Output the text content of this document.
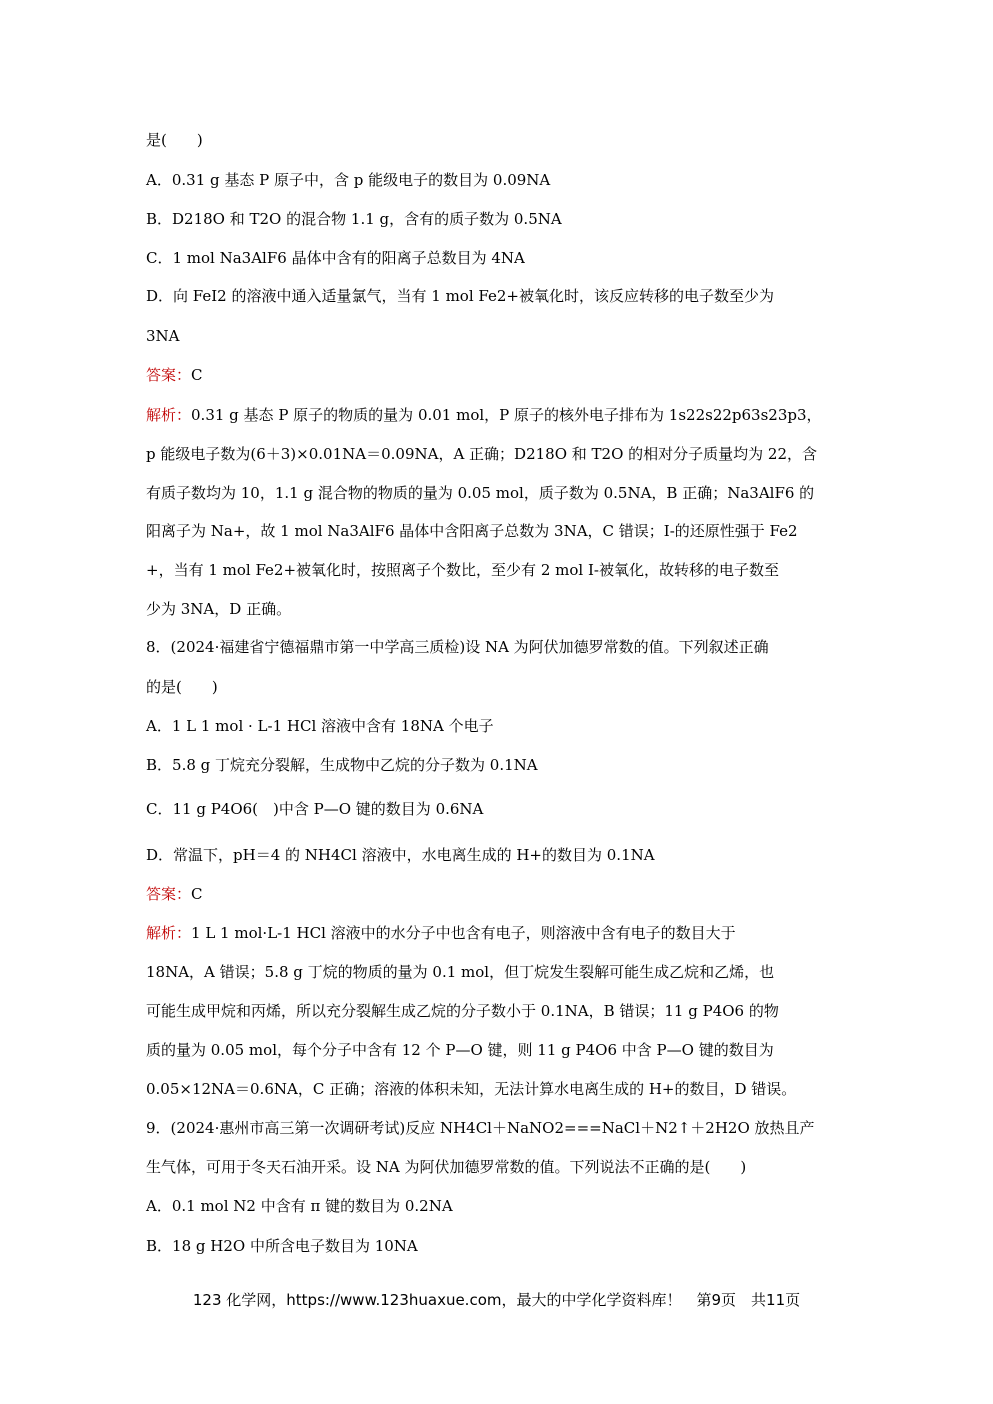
是(　　)
A．0.31 g 基态 P 原子中，含 p 能级电子的数目为 0.09NA
B．D218O 和 T2O 的混合物 1.1 g，含有的质子数为 0.5NA
C．1 mol Na3AlF6 晶体中含有的阳离子总数目为 4NA
D．向 FeI2 的溶液中通入适量氯气，当有 1 mol Fe2+被氧化时，该反应转移的电子数至少为
3NA
答案：C
解析：0.31 g 基态 P 原子的物质的量为 0.01 mol，P 原子的核外电子排布为 1s22s22p63s23p3，
p 能级电子数为(6＋3)×0.01NA＝0.09NA，A 正确；D218O 和 T2O 的相对分子质量均为 22，含
有质子数均为 10，1.1 g 混合物的物质的量为 0.05 mol，质子数为 0.5NA，B 正确；Na3AlF6 的
阳离子为 Na+，故 1 mol Na3AlF6 晶体中含阳离子总数为 3NA，C 错误；I-的还原性强于 Fe2
+，当有 1 mol Fe2+被氧化时，按照离子个数比，至少有 2 mol I-被氧化，故转移的电子数至
少为 3NA，D 正确。
8．(2024·福建省宁德福鼎市第一中学高三质检)设 NA 为阿伏加德罗常数的值。下列叙述正确
的是(　　)
A．1 L 1 mol · L-1 HCl 溶液中含有 18NA 个电子
B．5.8 g 丁烷充分裂解，生成物中乙烷的分子数为 0.1NA
C．11 g P4O6(　)中含 P—O 键的数目为 0.6NA
D．常温下，pH＝4 的 NH4Cl 溶液中，水电离生成的 H+的数目为 0.1NA
答案：C
解析：1 L 1 mol·L-1 HCl 溶液中的水分子中也含有电子，则溶液中含有电子的数目大于
18NA，A 错误；5.8 g 丁烷的物质的量为 0.1 mol，但丁烷发生裂解可能生成乙烷和乙烯，也
可能生成甲烷和丙烯，所以充分裂解生成乙烷的分子数小于 0.1NA，B 错误；11 g P4O6 的物
质的量为 0.05 mol，每个分子中含有 12 个 P—O 键，则 11 g P4O6 中含 P—O 键的数目为
0.05×12NA＝0.6NA，C 正确；溶液的体积未知，无法计算水电离生成的 H+的数目，D 错误。
9．(2024·惠州市高三第一次调研考试)反应 NH4Cl＋NaNO2===NaCl＋N2↑＋2H2O 放热且产
生气体，可用于冬天石油开采。设 NA 为阿伏加德罗常数的值。下列说法不正确的是(　　)
A．0.1 mol N2 中含有 π 键的数目为 0.2NA
B．18 g H2O 中所含电子数目为 10NA
123 化学网，https://www.123huaxue.com，最大的中学化学资料库！　第9页　共11页
